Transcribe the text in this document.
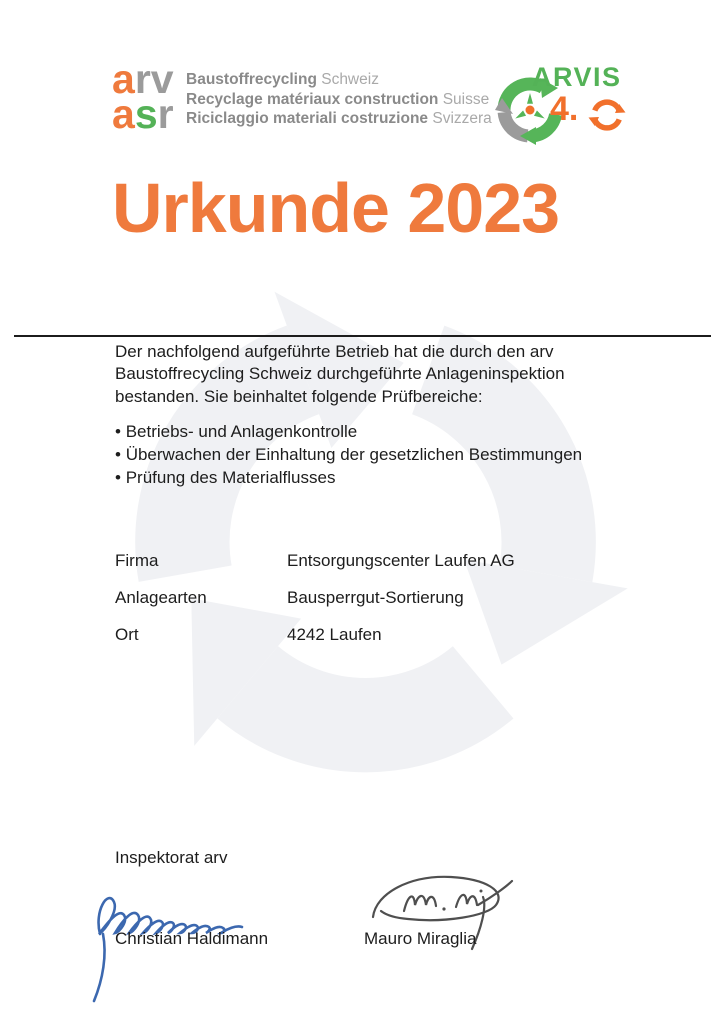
arv
asr
Baustoffrecycling Schweiz
Recyclage matériaux construction Suisse
Riciclaggio materiali costruzione Svizzera
ARVIS
4.
Urkunde 2023
Der nachfolgend aufgeführte Betrieb hat die durch den arv
Baustoffrecycling Schweiz durchgeführte Anlageninspektion
bestanden. Sie beinhaltet folgende Prüfbereiche:
• Betriebs- und Anlagenkontrolle
• Überwachen der Einhaltung der gesetzlichen Bestimmungen
• Prüfung des Materialflusses
Firma	Entsorgungscenter Laufen AG
Anlagearten	Bausperrgut-Sortierung
Ort	4242 Laufen
Inspektorat arv
Christian Haldimann	Mauro Miraglia
